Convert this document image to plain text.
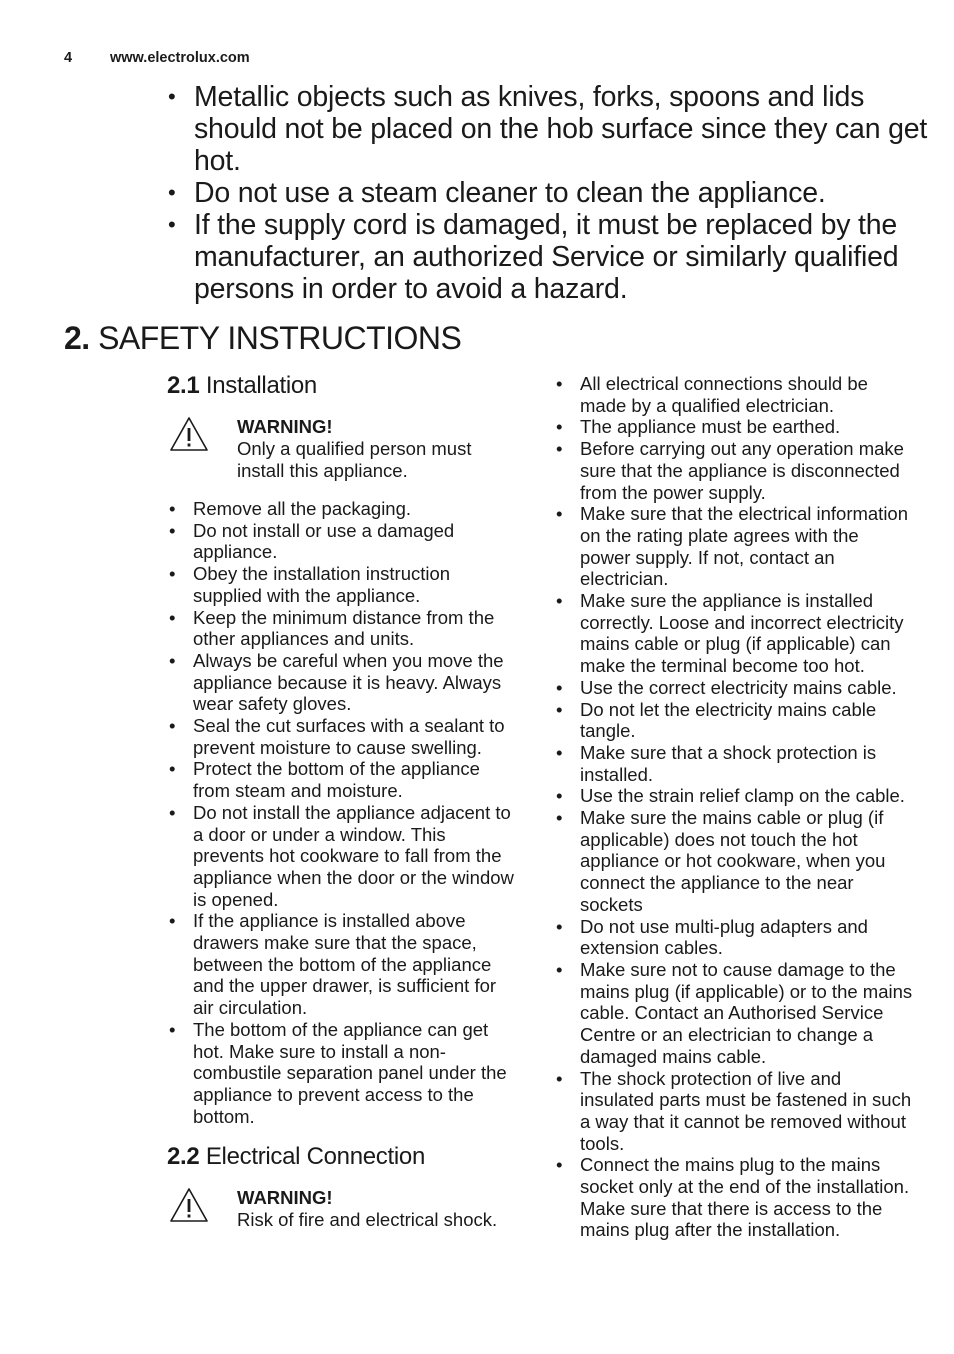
4	www.electrolux.com
• Metallic objects such as knives, forks, spoons and lids should not be placed on the hob surface since they can get hot.
• Do not use a steam cleaner to clean the appliance.
• If the supply cord is damaged, it must be replaced by the manufacturer, an authorized Service or similarly qualified persons in order to avoid a hazard.
2. SAFETY INSTRUCTIONS
2.1 Installation
WARNING!
Only a qualified person must install this appliance.
• Remove all the packaging.
• Do not install or use a damaged appliance.
• Obey the installation instruction supplied with the appliance.
• Keep the minimum distance from the other appliances and units.
• Always be careful when you move the appliance because it is heavy. Always wear safety gloves.
• Seal the cut surfaces with a sealant to prevent moisture to cause swelling.
• Protect the bottom of the appliance from steam and moisture.
• Do not install the appliance adjacent to a door or under a window. This prevents hot cookware to fall from the appliance when the door or the window is opened.
• If the appliance is installed above drawers make sure that the space, between the bottom of the appliance and the upper drawer, is sufficient for air circulation.
• The bottom of the appliance can get hot. Make sure to install a non-combustile separation panel under the appliance to prevent access to the bottom.
2.2 Electrical Connection
WARNING!
Risk of fire and electrical shock.
• All electrical connections should be made by a qualified electrician.
• The appliance must be earthed.
• Before carrying out any operation make sure that the appliance is disconnected from the power supply.
• Make sure that the electrical information on the rating plate agrees with the power supply. If not, contact an electrician.
• Make sure the appliance is installed correctly. Loose and incorrect electricity mains cable or plug (if applicable) can make the terminal become too hot.
• Use the correct electricity mains cable.
• Do not let the electricity mains cable tangle.
• Make sure that a shock protection is installed.
• Use the strain relief clamp on the cable.
• Make sure the mains cable or plug (if applicable) does not touch the hot appliance or hot cookware, when you connect the appliance to the near sockets
• Do not use multi-plug adapters and extension cables.
• Make sure not to cause damage to the mains plug (if applicable) or to the mains cable. Contact an Authorised Service Centre or an electrician to change a damaged mains cable.
• The shock protection of live and insulated parts must be fastened in such a way that it cannot be removed without tools.
• Connect the mains plug to the mains socket only at the end of the installation. Make sure that there is access to the mains plug after the installation.
